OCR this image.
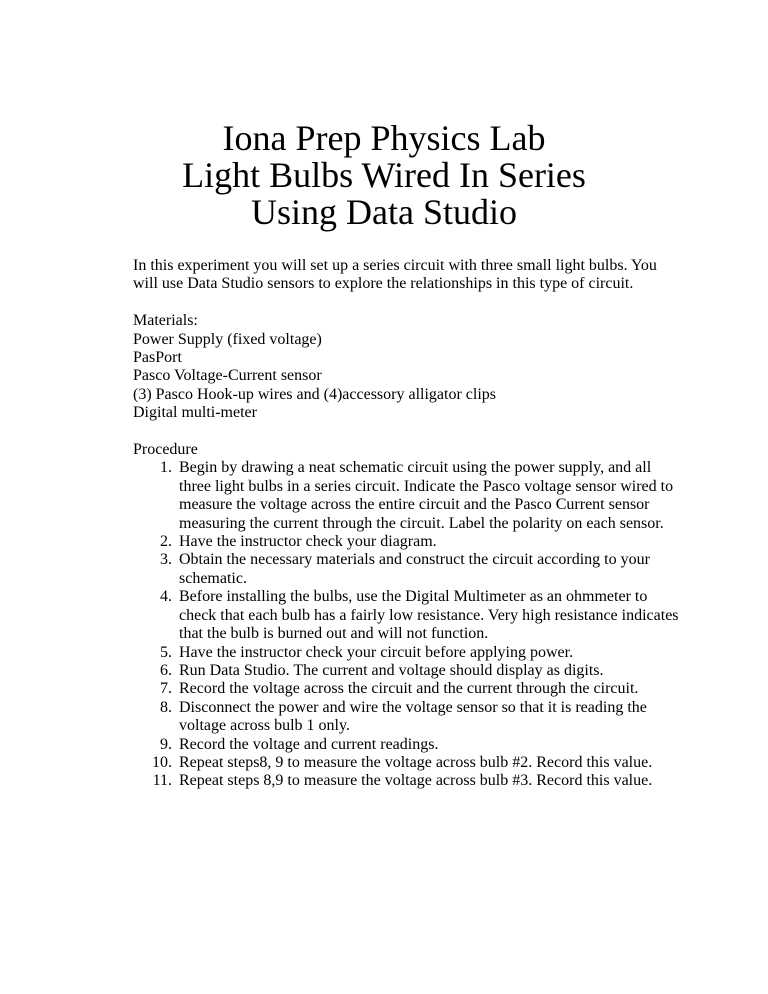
Iona Prep Physics Lab
Light Bulbs Wired In Series
Using Data Studio

In this experiment you will set up a series circuit with three small light bulbs. You will use Data Studio sensors to explore the relationships in this type of circuit.

Materials:
Power Supply (fixed voltage)
PasPort
Pasco Voltage-Current sensor
(3) Pasco Hook-up wires and (4)accessory alligator clips
Digital multi-meter
Procedure
1. Begin by drawing a neat schematic circuit using the power supply, and all three light bulbs in a series circuit. Indicate the Pasco voltage sensor wired to measure the voltage across the entire circuit and the Pasco Current sensor measuring the current through the circuit. Label the polarity on each sensor.
2. Have the instructor check your diagram.
3. Obtain the necessary materials and construct the circuit according to your schematic.
4. Before installing the bulbs, use the Digital Multimeter as an ohmmeter to check that each bulb has a fairly low resistance. Very high resistance indicates that the bulb is burned out and will not function.
5. Have the instructor check your circuit before applying power.
6. Run Data Studio. The current and voltage should display as digits.
7. Record the voltage across the circuit and the current through the circuit.
8. Disconnect the power and wire the voltage sensor so that it is reading the voltage across bulb 1 only.
9. Record the voltage and current readings.
10. Repeat steps8, 9 to measure the voltage across bulb #2. Record this value.
11. Repeat steps 8,9 to measure the voltage across bulb #3. Record this value.
